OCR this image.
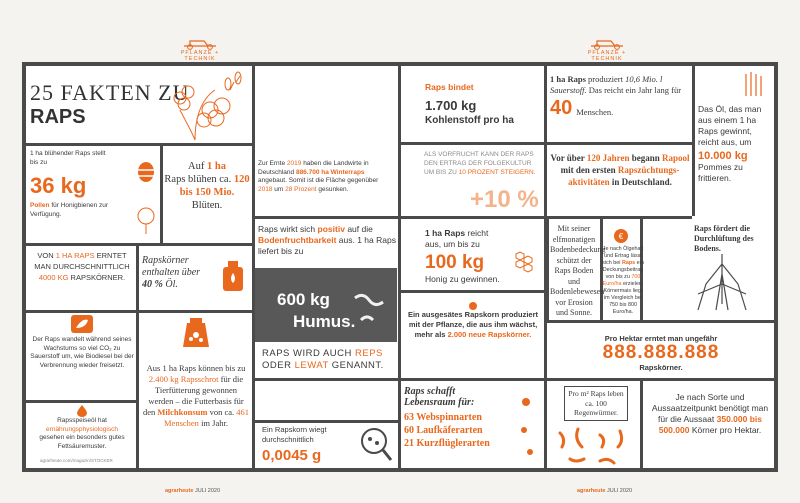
PFLANZE + TECHNIK
PFLANZE + TECHNIK
25 FAKTEN ZU
RAPS
1 ha blühender Raps stellt bis zu
36 kg
Pollen für Honigbienen zur Verfügung.
Auf 1 ha
Raps blühen ca. 120 bis 150 Mio.
Blüten.
VON 1 HA RAPS ERNTET MAN DURCHSCHNITTLICH 4000 KG RAPSKÖRNER.
Rapskörner enthalten über 40 % Öl.
Der Raps wandelt während seines Wachstums so viel CO₂ zu Sauerstoff um, wie Biodiesel bei der Verbrennung wieder freisetzt.
Rapsspeiseöl hat
ernährungsphysiologisch
gesehen ein besonders gutes Fettsäuremuster.
Aus 1 ha Raps können bis zu 2.400 kg Rapsschrot für die Tierfütterung gewonnen werden – die Futterbasis für den Milchkonsum von ca. 461 Menschen im Jahr.
Zur Ernte 2019 haben die Landwirte in Deutschland 886.700 ha Winterraps angebaut. Somit ist die Fläche gegenüber 2018 um 28 Prozent gesunken.
Raps bindet
1.700 kg
Kohlenstoff pro ha
ALS VORFRUCHT KANN DER RAPS DEN ERTRAG DER FOLGEKULTUR UM BIS ZU 10 PROZENT STEIGERN.
+10 %
1 ha Raps produziert 10,6 Mio. l Sauerstoff. Das reicht ein Jahr lang für
40 Menschen.
Vor über 120 Jahren begann Rapool mit den ersten Rapszüchtungsaktivitäten in Deutschland.
Das Öl, das man aus einem 1 ha Raps gewinnt, reicht aus, um
10.000 kg
Pommes zu frittieren.
Raps wirkt sich positiv auf die Bodenfruchtbarkeit aus. 1 ha Raps liefert bis zu
600 kg
Humus.
RAPS WIRD AUCH REPS ODER LEWAT GENANNT.
Ein Rapskorn wiegt durchschnittlich
0,0045 g
1 ha Raps reicht aus, um bis zu
100 kg
Honig zu gewinnen.
Ein ausgesätes Rapskorn produziert mit der Pflanze, die aus ihm wächst, mehr als 2.000 neue Rapskörner.
Raps schafft Lebensraum für:
63 Webspinnarten
60 Laufkäferarten
21 Kurzflüglerarten
Mit seiner elfmonatigen Bodenbedeckung schützt der Raps Boden und Bodenlebewesen vor Erosion und Sonne.
€
Je nach Ölgehalt und Ertrag lässt sich bei Raps ein Deckungsbeitrag von bis zu 700 Euro/ha erzielen. Körnermais liegt im Vergleich bei 750 bis 800 Euro/ha.
Raps fördert die Durchlüftung des Bodens.
Pro Hektar erntet man ungefähr
888.888.888
Rapskörner.
Pro m² Raps leben ca. 100 Regenwürmer.
Je nach Sorte und Aussaatzeitpunkt benötigt man für die Aussaat 350.000 bis 500.000 Körner pro Hektar.
agrarheute JULI 2020	agrarheute JULI 2020
agrarheute.com/magazin/STOCKER
